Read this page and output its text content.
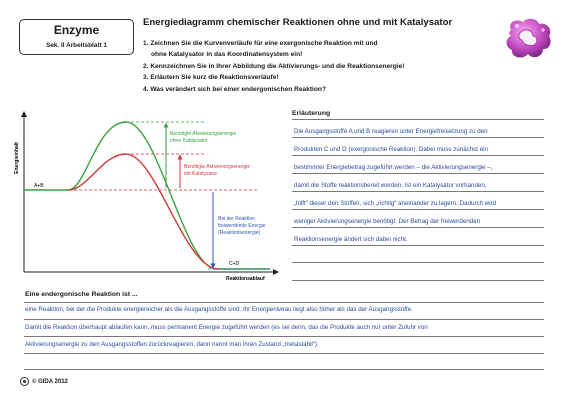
Enzyme
Sek. II Arbeitsblatt 1
Energiediagramm chemischer Reaktionen ohne und mit Katalysator
1. Zeichnen Sie die Kurvenverläufe für eine exergonische Reaktion mit und
ohne Katalysator in das Koordinatensystem ein!
2. Kennzeichnen Sie in Ihrer Abbildung die Aktivierungs- und die Reaktionsenergie!
3. Erläutern Sie kurz die Reaktionsverläufe!
4. Was verändert sich bei einer endergonischen Reaktion?
Energieinhalt
Reaktionsablauf
A+B
Benötigte Aktivierungsenergie
ohne Katalysator
Benötigte Aktivierungsenergie
mit Katalysator
Bei der Reaktion
freiwerdende Energie
(Reaktionsenergie)
C+D
Erläuterung
Die Ausgangsstoffe A und B reagieren unter Energiefreisetzung zu den
Produkten C und D (exergonische Reaktion). Dabei muss zunächst ein
bestimmter Energiebetrag zugeführt werden – die Aktivierungsenergie –,
damit die Stoffe reaktionsbereit werden. Ist ein Katalysator vorhanden,
„hilft“ dieser den Stoffen, sich „richtig“ aneinander zu lagern. Dadurch wird
weniger Aktivierungsenergie benötigt. Der Betrag der freiwerdenden
Reaktionsenergie ändert sich dabei nicht.
Eine endergonische Reaktion ist ...
eine Reaktion, bei der die Produkte energiereicher als die Ausgangsstoffe sind. Ihr Energieniveau liegt also höher als das der Ausgangsstoffe.
Damit die Reaktion überhaupt ablaufen kann, muss permanent Energie zugeführt werden (es sei denn, das die Produkte auch nur unter Zufuhr von
Aktivierungsenergie zu den Ausgangsstoffen zurückreagieren, dann nennt man ihren Zustand „metastabil“).
© GIDA 2012
